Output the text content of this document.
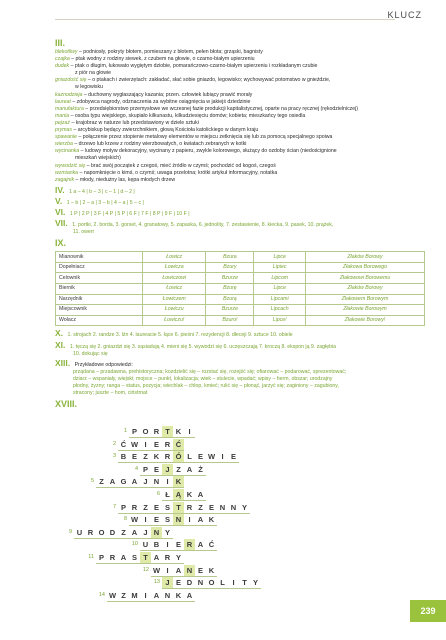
KLUCZ
III.

blekotliwy – podniosły, pokryty błotem, pomieszany z błotem, pełen błota; grząski, bagnisty

czajka – ptak wodny z rodziny siewek, z czubem na głowie, o czarno-białym upierzeniu

dudek – ptak o długim, łukowato wygiętym dziobie, pomarańczowo-czarno-białym upierzeniu i rozkładanym czubie

z piór na głowie

gniazdość się – o ptakach i zwierzętach: zakładać, słać sobie gniazdo, legowisko; wychowywać potomstwo w gnieździe,

w legowisku

kaznodzieja – duchowny wygłaszający kazania; przen. człowiek lubiący prawić morały

laureat – zdobywca nagrody, odznaczenia za wybitne osiągnięcia w jakiejś dziedzinie

manufaktura – przedsiębiorstwo przemysłowe we wczesnej fazie produkcji kapitalistycznej, oparte na pracy ręcznej (rękodzielniczej)

mania – osoba typu wiejskiego, skupiało kilkunastu, kilkudziesięciu domów; kobieta; mieszkańcy tego osiedla

pejzaż – krajobraz w naturze lub przedstawiony w dziele sztuki

prymas – arcybiskup będący zwierzchnikiem, głową Kościoła katolickiego w danym kraju

spawanie – połączenie przez stopienie metalowy elementów w miejscu zetknięcia się lub za pomocą specjalnego spoiwa

wierzba – drzewo lub krzew z rodziny wierzbowatych, o kwiatach zebranych w kotki

wycinanka – ludowy motyw dekoracyjny, wycinany z papieru, zwykle kolorowego, służący do ozdoby ścian (niedoścignione

mieszkań wiejskich)

wywodzić się – brać swój początek z czegoś, mieć źródło w czymś; pochodzić od kogoś, czegoś

wzmianka – napomknięcie o kimś, o czymś; uwaga przelotna; krótki artykuł informacyjny, notatka

zagajnik – młody, niedużny las, kępa młodych drzew

IV. 1 a – 4 | b – 3 | c – 1 | d – 2 |
V. 1 – b | 2 – a | 3 – b | 4 – a | 5 – c |
VI. 1 P | 2 P | 3 F | 4 P | 5 P | 6 F | 7 F | 8 P | 9 F | 10 F |
VII. 1. portki, 2. borda, 3. gorset, 4. granatowy, 5. zapaska, 6. jednolity, 7. zestawienie, 8. kiecka, 9. pasek, 10. prążek,
11. owerr
IX.
Mianownik	Łowicz	Bzura	Lipce	Złaków Borowy
Dopełniacz	Łowicza	Bzury	Lipiec	Złakowa Borowego
Celownik	Łowiczowi	Bzurze	Lipcom	Złakowowi Borowemu
Biernik	Łowicz	Bzurę	Lipce	Złaków Borowy
Narzędnik	Łowiczem	Bzurą	Lipcami	Złakowem Borowym
Miejscownik	Łowiczu	Bzurze	Lipcach	Złakowie Borowym
Wołacz	Łowiczu!	Bzuro!	Lipce!	Złakowie Borowy!
X. 1. strojach 2. randze 3. lżn 4. laureacie 5. łące 6. pieśni 7. rezydencji 8. dłeceji 9. sztuce 10. obiele
XI. 1. tęczą się 2. gniazdzi się 3. sąsiadują 4. mieni się 5. wywodzi się 6. uczęszczają 7. kroczą 8. ekspon ją 9. zagłębia
10. dokując się
XIII. Przykładowe odpowiedzi:

prządana – przadawna, prehistoryczna; kozdzielić się – rozstać się, rozejść się; ofiarować – podarować, sprezentować;

dziarz – wspaniały, wiejski; mojsce – punkt, lokalizacja; wiek – stulecie, wpadać; wpisy – herm, obszar; urodzajny

płodny, żyzny; ranga – status, pozycja; wiechlak – chłop, kmieć; rulić się – płonąć, jarzyć się; zaginiony – zagubiony,

stracony; juszte – hom, ciństrnat

XVIII.
1 P O R T K I
2 Ć W I E R Ć
3 B E Z K R Ó L E W I E
4 P E J Z A Ż
5 Z A G A J N I K
6 Ł Ą K A
7 P R Z E S T R Z E N N Y
8 W I E S N I A K
9 U R O D Z A J N Y
10 U B I E R A Ć
11 P R A S T A R Y
12 W I A N E K
13 J E D N O L	I	T Y
14 W Z M I A N K A
239
